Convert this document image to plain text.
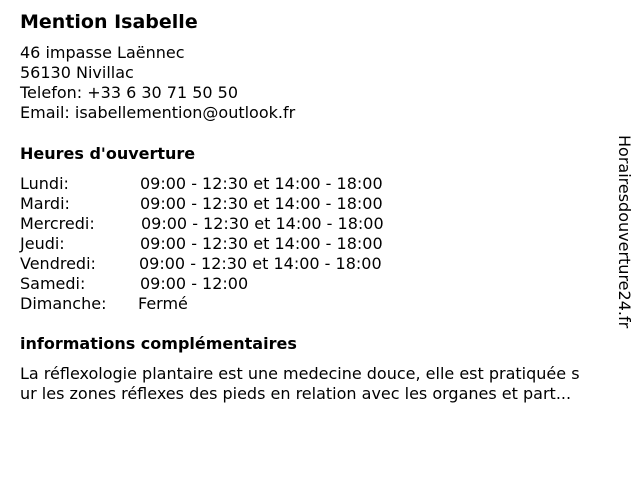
Mention Isabelle
46 impasse Laënnec
56130 Nivillac
Telefon: +33 6 30 71 50 50
Email: isabellemention@outlook.fr
Heures d'ouverture
Lundi:	09:00 - 12:30 et 14:00 - 18:00
Mardi:	09:00 - 12:30 et 14:00 - 18:00
Mercredi:	09:00 - 12:30 et 14:00 - 18:00
Jeudi:	09:00 - 12:30 et 14:00 - 18:00
Vendredi:	09:00 - 12:30 et 14:00 - 18:00
Samedi:	09:00 - 12:00
Dimanche: Fermé
informations complémentaires
La réflexologie plantaire est une medecine douce, elle est pratiquée s
ur les zones réflexes des pieds en relation avec les organes et part...
Horairesdouverture24.fr
